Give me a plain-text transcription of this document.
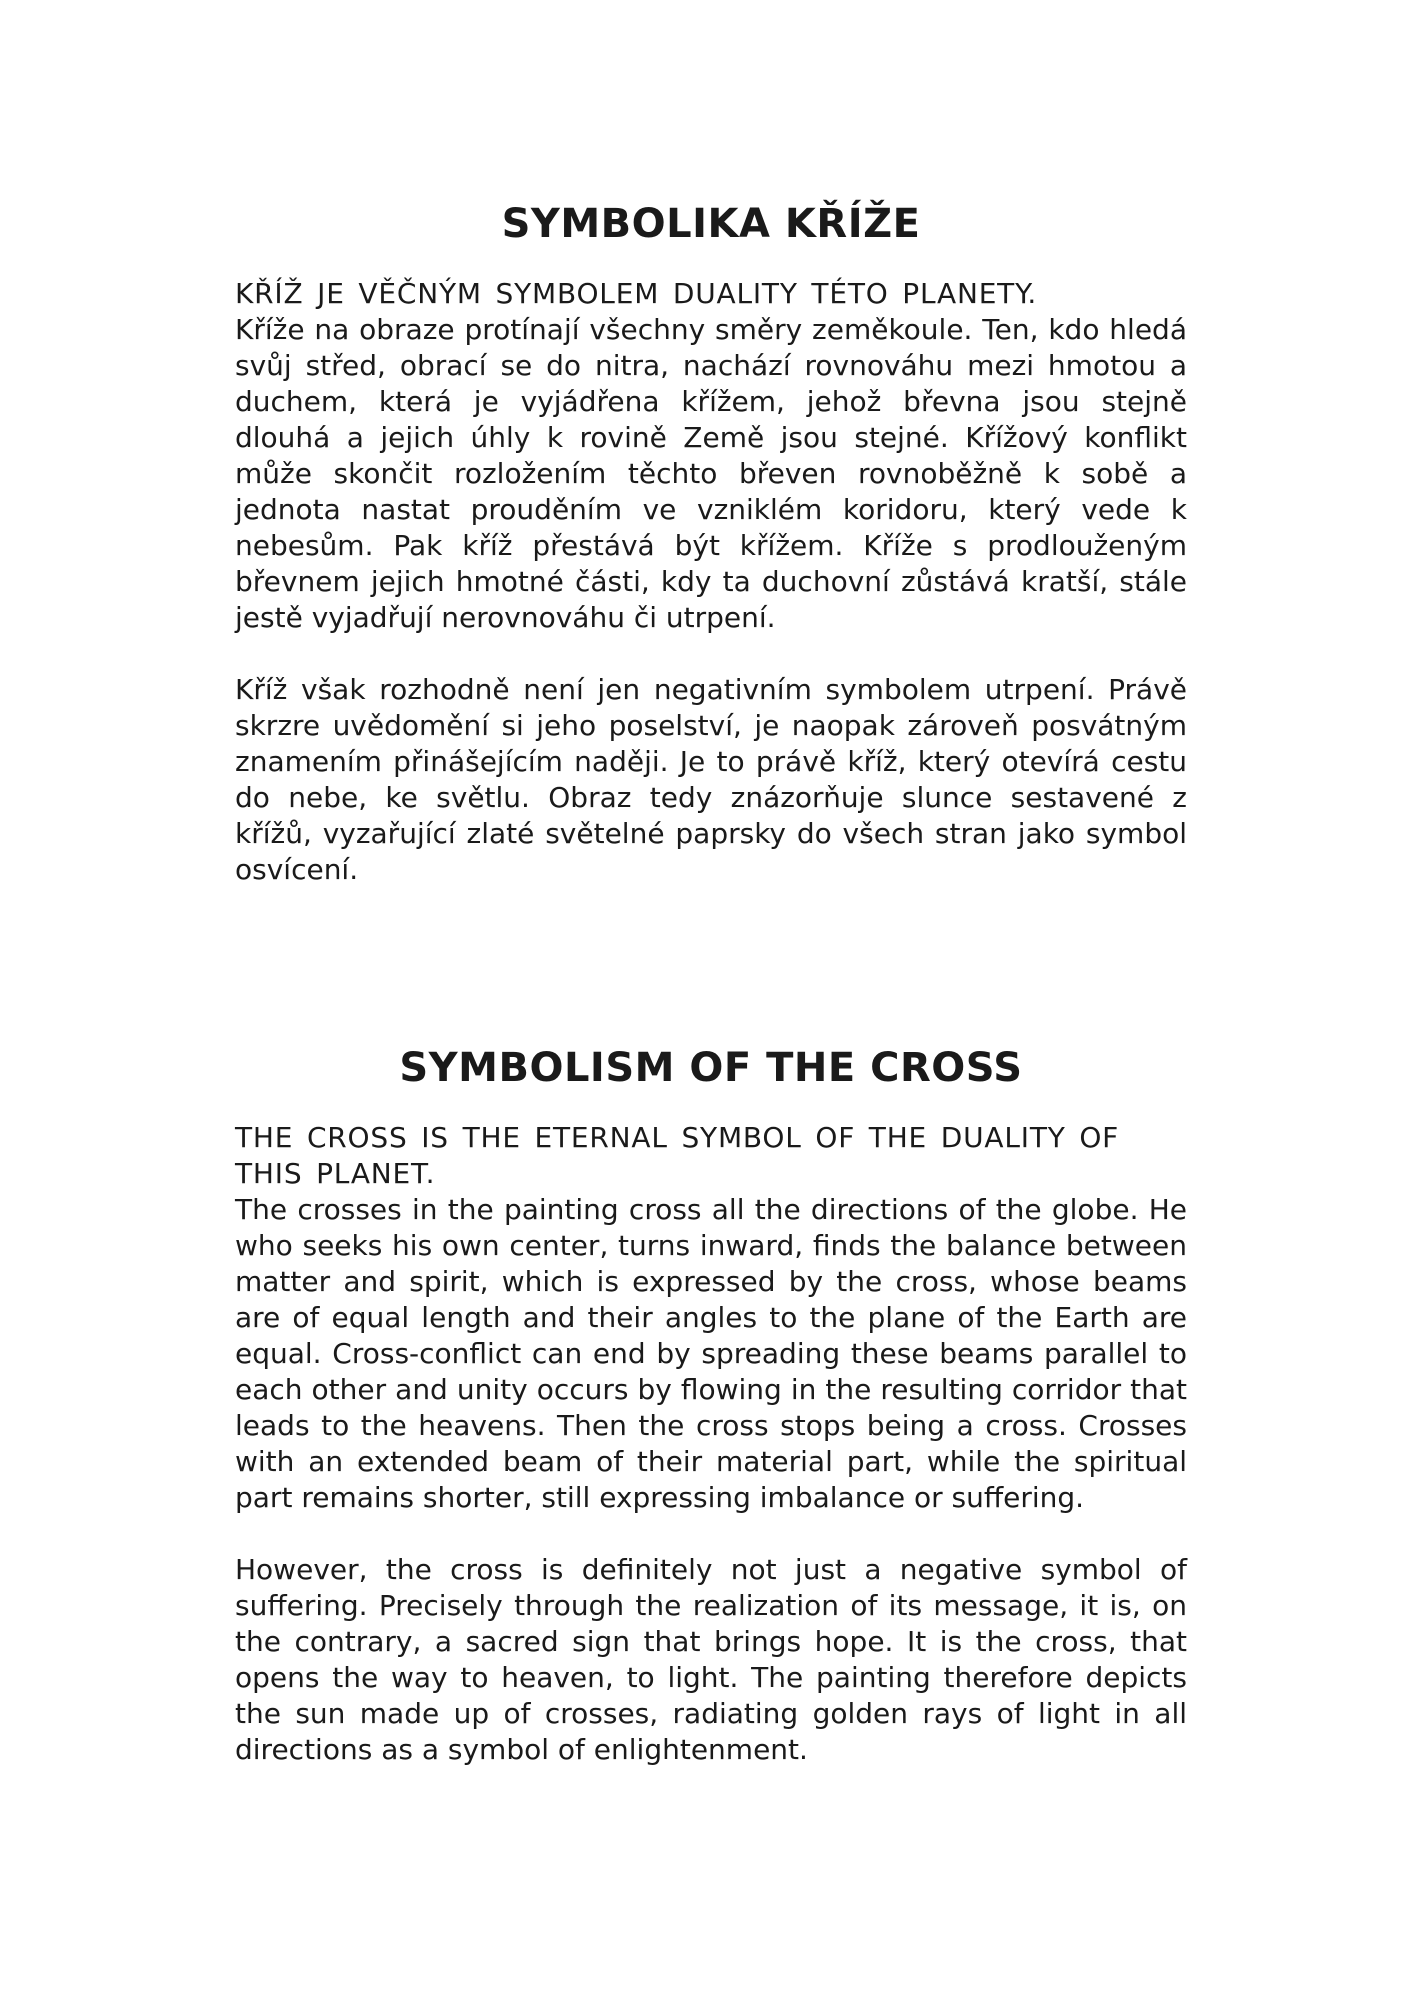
SYMBOLIKA KŘÍŽE

KŘÍŽ JE VĚČNÝM SYMBOLEM DUALITY TÉTO PLANETY.

Kříže na obraze protínají všechny směry zeměkoule. Ten, kdo hledá svůj střed, obrací se do nitra, nachází rovnováhu mezi hmotou a duchem, která je vyjádřena křížem, jehož břevna jsou stejně dlouhá a jejich úhly k rovině Země jsou stejné. Křížový konflikt může skončit rozložením těchto břeven rovnoběžně k sobě a jednota nastat prouděním ve vzniklém koridoru, který vede k nebesům. Pak kříž přestává být křížem. Kříže s prodlouženým břevnem jejich hmotné části, kdy ta duchovní zůstává kratší, stále jestě vyjadřují nerovnováhu či utrpení.

Kříž však rozhodně není jen negativním symbolem utrpení. Právě skrzre uvědomění si jeho poselství, je naopak zároveň posvátným znamením přinášejícím naději. Je to právě kříž, který otevírá cestu do nebe, ke světlu. Obraz tedy znázorňuje slunce sestavené z křížů, vyzařující zlaté světelné paprsky do všech stran jako symbol osvícení.

SYMBOLISM OF THE CROSS

THE CROSS IS THE ETERNAL SYMBOL OF THE DUALITY OF THIS PLANET.

The crosses in the painting cross all the directions of the globe. He who seeks his own center, turns inward, finds the balance between matter and spirit, which is expressed by the cross, whose beams are of equal length and their angles to the plane of the Earth are equal. Cross-conflict can end by spreading these beams parallel to each other and unity occurs by flowing in the resulting corridor that leads to the heavens. Then the cross stops being a cross. Crosses with an extended beam of their material part, while the spiritual part remains shorter, still expressing imbalance or suffering.

However, the cross is definitely not just a negative symbol of suffering. Precisely through the realization of its message, it is, on the contrary, a sacred sign that brings hope. It is the cross, that opens the way to heaven, to light. The painting therefore depicts the sun made up of crosses, radiating golden rays of light in all directions as a symbol of enlightenment.
